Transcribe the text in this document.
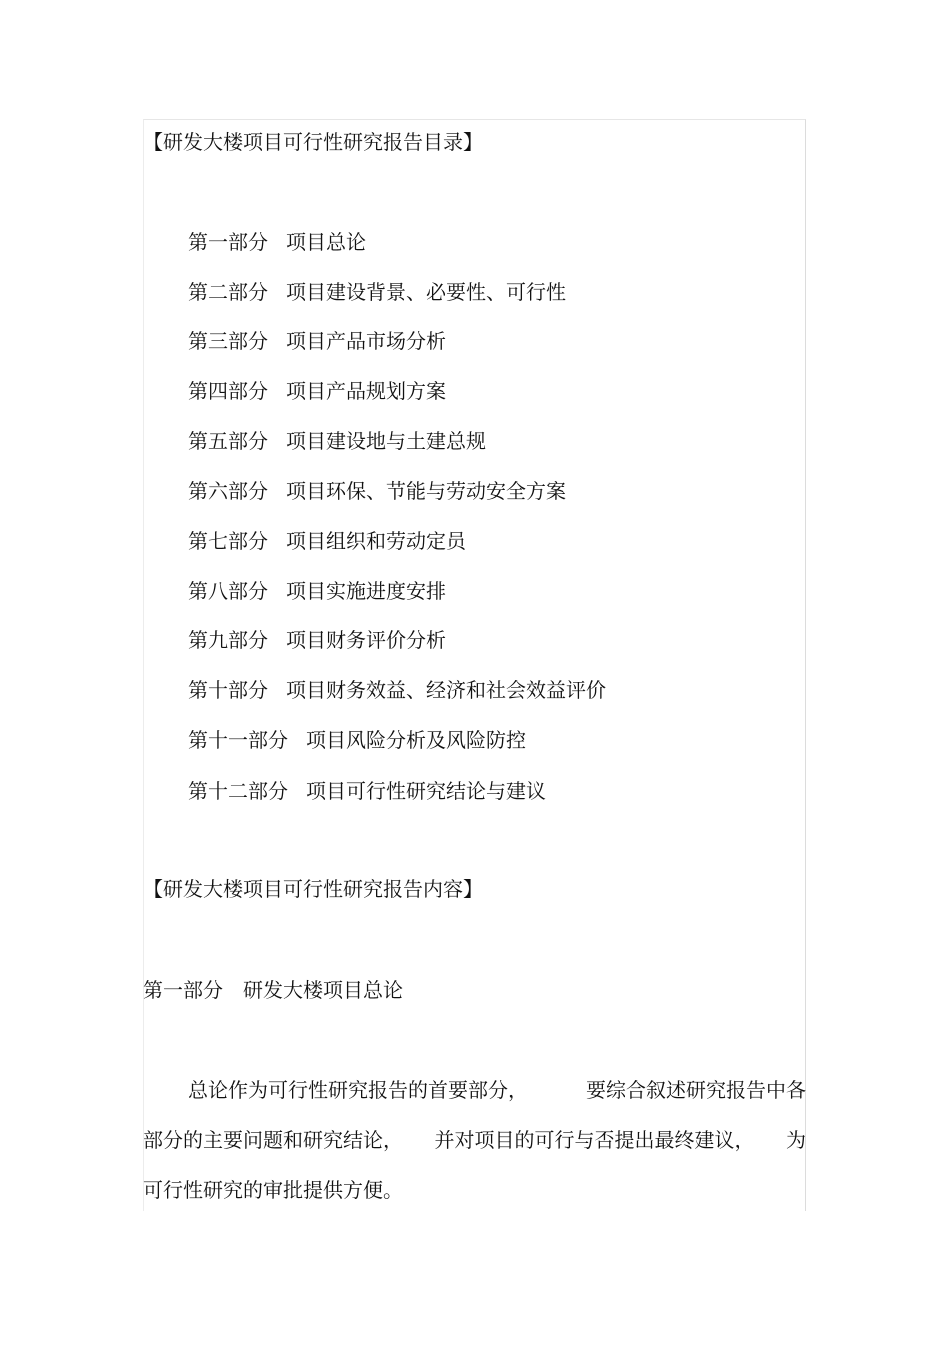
【研发大楼项目可行性研究报告目录】
第一部分 项目总论
第二部分 项目建设背景、必要性、可行性
第三部分 项目产品市场分析
第四部分 项目产品规划方案
第五部分 项目建设地与土建总规
第六部分 项目环保、节能与劳动安全方案
第七部分 项目组织和劳动定员
第八部分 项目实施进度安排
第九部分 项目财务评价分析
第十部分 项目财务效益、经济和社会效益评价
第十一部分 项目风险分析及风险防控
第十二部分 项目可行性研究结论与建议
【研发大楼项目可行性研究报告内容】
第一部分　研发大楼项目总论
总论作为可行性研究报告的首要部分，	要综合叙述研究报告中各
部分的主要问题和研究结论， 并对项目的可行与否提出最终建议， 为
可行性研究的审批提供方便。
